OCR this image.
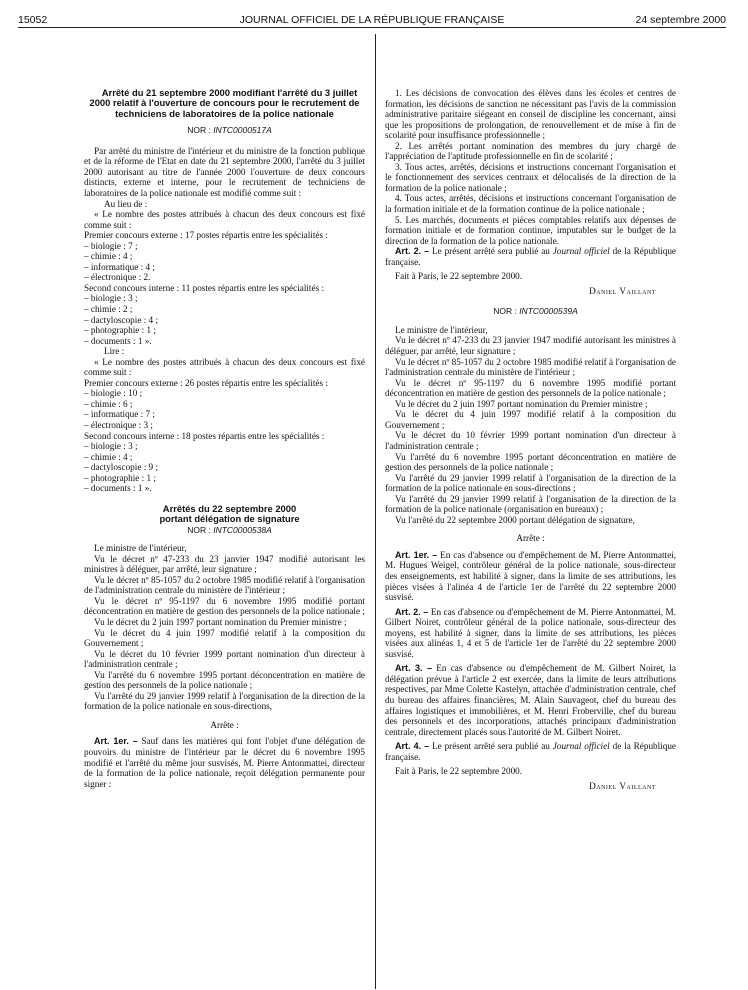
15052	JOURNAL OFFICIEL DE LA RÉPUBLIQUE FRANÇAISE	24 septembre 2000

Arrêté du 21 septembre 2000 modifiant l'arrêté du 3 juillet 2000 relatif à l'ouverture de concours pour le recrutement de techniciens de laboratoires de la police nationale

NOR : INTC0000517A

Par arrêté du ministre de l'intérieur et du ministre de la fonction publique et de la réforme de l'Etat en date du 21 septembre 2000, l'arrêté du 3 juillet 2000 autorisant au titre de l'année 2000 l'ouverture de deux concours distincts, externe et interne, pour le recrutement de techniciens de laboratoires de la police nationale est modifié comme suit :

Au lieu de :

« Le nombre des postes attribués à chacun des deux concours est fixé comme suit :

Premier concours externe : 17 postes répartis entre les spécialités :

– biologie : 7 ;

– chimie : 4 ;

– informatique : 4 ;

– électronique : 2.

Second concours interne : 11 postes répartis entre les spécialités :

– biologie : 3 ;

– chimie : 2 ;

– dactyloscopie : 4 ;

– photographie : 1 ;

– documents : 1 ».

Lire :

« Le nombre des postes attribués à chacun des deux concours est fixé comme suit :

Premier concours externe : 26 postes répartis entre les spécialités :

– biologie : 10 ;

– chimie : 6 ;

– informatique : 7 ;

– électronique : 3 ;

Second concours interne : 18 postes répartis entre les spécialités :

– biologie : 3 ;

– chimie : 4 ;

– dactyloscopie : 9 ;

– photographie : 1 ;

– documents : 1 ».

Arrêtés du 22 septembre 2000

portant délégation de signature

NOR : INTC0000538A

Le ministre de l'intérieur,

Vu le décret nº 47-233 du 23 janvier 1947 modifié autorisant les ministres à déléguer, par arrêté, leur signature ;

Vu le décret nº 85-1057 du 2 octobre 1985 modifié relatif à l'organisation de l'administration centrale du ministère de l'intérieur ;

Vu le décret nº 95-1197 du 6 novembre 1995 modifié portant déconcentration en matière de gestion des personnels de la police nationale ;

Vu le décret du 2 juin 1997 portant nomination du Premier ministre ;

Vu le décret du 4 juin 1997 modifié relatif à la composition du Gouvernement ;

Vu le décret du 10 février 1999 portant nomination d'un directeur à l'administration centrale ;

Vu l'arrêté du 6 novembre 1995 portant déconcentration en matière de gestion des personnels de la police nationale ;

Vu l'arrêté du 29 janvier 1999 relatif à l'organisation de la direction de la formation de la police nationale en sous-directions,

Arrête :

Art. 1er. – Sauf dans les matières qui font l'objet d'une délégation de pouvoirs du ministre de l'intérieur par le décret du 6 novembre 1995 modifié et l'arrêté du même jour susvisés, M. Pierre Antonmattei, directeur de la formation de la police nationale, reçoit délégation permanente pour signer :

1. Les décisions de convocation des élèves dans les écoles et centres de formation, les décisions de sanction ne nécessitant pas l'avis de la commission administrative paritaire siégeant en conseil de discipline les concernant, ainsi que les propositions de prolongation, de renouvellement et de mise à fin de scolarité pour insuffisance professionnelle ;

2. Les arrêtés portant nomination des membres du jury chargé de l'appréciation de l'aptitude professionnelle en fin de scolarité ;

3. Tous actes, arrêtés, décisions et instructions concernant l'organisation et le fonctionnement des services centraux et délocalisés de la direction de la formation de la police nationale ;

4. Tous actes, arrêtés, décisions et instructions concernant l'organisation de la formation initiale et de la formation continue de la police nationale ;

5. Les marchés, documents et pièces comptables relatifs aux dépenses de formation initiale et de formation continue, imputables sur le budget de la direction de la formation de la police nationale.

Art. 2. – Le présent arrêté sera publié au Journal officiel de la République française.

Fait à Paris, le 22 septembre 2000.

Daniel Vaillant

NOR : INTC0000539A

Le ministre de l'intérieur,

Vu le décret nº 47-233 du 23 janvier 1947 modifié autorisant les ministres à déléguer, par arrêté, leur signature ;

Vu le décret nº 85-1057 du 2 octobre 1985 modifié relatif à l'organisation de l'administration centrale du ministère de l'intérieur ;

Vu le décret nº 95-1197 du 6 novembre 1995 modifié portant déconcentration en matière de gestion des personnels de la police nationale ;

Vu le décret du 2 juin 1997 portant nomination du Premier ministre ;

Vu le décret du 4 juin 1997 modifié relatif à la composition du Gouvernement ;

Vu le décret du 10 février 1999 portant nomination d'un directeur à l'administration centrale ;

Vu l'arrêté du 6 novembre 1995 portant déconcentration en matière de gestion des personnels de la police nationale ;

Vu l'arrêté du 29 janvier 1999 relatif à l'organisation de la direction de la formation de la police nationale en sous-directions ;

Vu l'arrêté du 29 janvier 1999 relatif à l'organisation de la direction de la formation de la police nationale (organisation en bureaux) ;

Vu l'arrêté du 22 septembre 2000 portant délégation de signature,

Arrête :

Art. 1er. – En cas d'absence ou d'empêchement de M. Pierre Antonmattei, M. Hugues Weigel, contrôleur général de la police nationale, sous-directeur des enseignements, est habilité à signer, dans la limite de ses attributions, les pièces visées à l'alinéa 4 de l'article 1er de l'arrêté du 22 septembre 2000 susvisé.

Art. 2. – En cas d'absence ou d'empêchement de M. Pierre Antonmattei, M. Gilbert Noiret, contrôleur général de la police nationale, sous-directeur des moyens, est habilité à signer, dans la limite de ses attributions, les pièces visées aux alinéas 1, 4 et 5 de l'article 1er de l'arrêté du 22 septembre 2000 susvisé.

Art. 3. – En cas d'absence ou d'empêchement de M. Gilbert Noiret, la délégation prévue à l'article 2 est exercée, dans la limite de leurs attributions respectives, par Mme Colette Kastelyn, attachée d'administration centrale, chef du bureau des affaires financières, M. Alain Sauvageot, chef du bureau des affaires logistiques et immobilières, et M. Henri Froberville, chef du bureau des personnels et des incorporations, attachés principaux d'administration centrale, directement placés sous l'autorité de M. Gilbert Noiret.

Art. 4. – Le présent arrêté sera publié au Journal officiel de la République française.

Fait à Paris, le 22 septembre 2000.

Daniel Vaillant
